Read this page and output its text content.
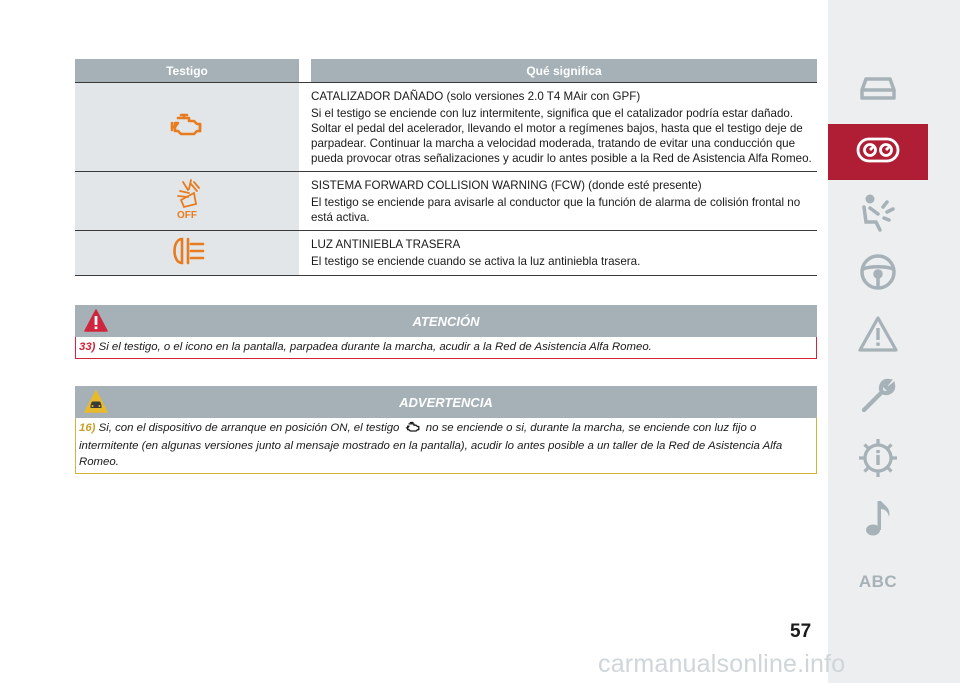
Testigo	Qué significa

CATALIZADOR DAÑADO (solo versiones 2.0 T4 MAir con GPF)

Si el testigo se enciende con luz intermitente, significa que el catalizador podría estar dañado.

Soltar el pedal del acelerador, llevando el motor a regímenes bajos, hasta que el testigo deje de parpadear. Continuar la marcha a velocidad moderada, tratando de evitar una conducción que pueda provocar otras señalizaciones y acudir lo antes posible a la Red de Asistencia Alfa Romeo.

OFF

SISTEMA FORWARD COLLISION WARNING (FCW) (donde esté presente)

El testigo se enciende para avisarle al conductor que la función de alarma de colisión frontal no está activa.

LUZ ANTINIEBLA TRASERA

El testigo se enciende cuando se activa la luz antiniebla trasera.

ATENCIÓN
33) Si el testigo, o el icono en la pantalla, parpadea durante la marcha, acudir a la Red de Asistencia Alfa Romeo.
ADVERTENCIA
16) Si, con el dispositivo de arranque en posición ON, el testigo no se enciende o si, durante la marcha, se enciende con luz fijo o intermitente (en algunas versiones junto al mensaje mostrado en la pantalla), acudir lo antes posible a un taller de la Red de Asistencia Alfa Romeo.
ABC
57
carmanualsonline.info
